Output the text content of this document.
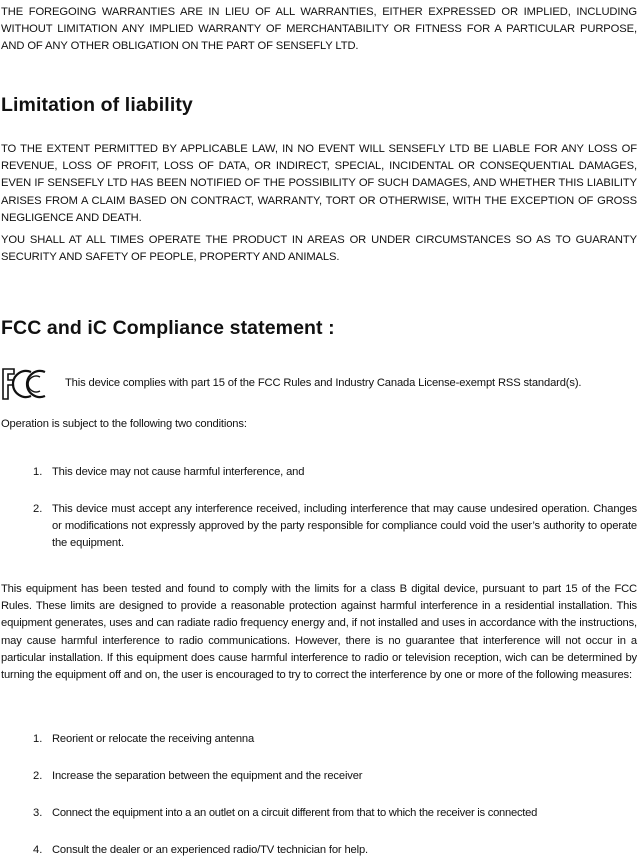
THE FOREGOING WARRANTIES ARE IN LIEU OF ALL WARRANTIES, EITHER EXPRESSED OR IMPLIED, INCLUDING WITHOUT LIMITATION ANY IMPLIED WARRANTY OF MERCHANTABILITY OR FITNESS FOR A PARTICULAR PURPOSE, AND OF ANY OTHER OBLIGATION ON THE PART OF SENSEFLY LTD.

Limitation of liability

TO THE EXTENT PERMITTED BY APPLICABLE LAW, IN NO EVENT WILL SENSEFLY LTD BE LIABLE FOR ANY LOSS OF REVENUE, LOSS OF PROFIT, LOSS OF DATA, OR INDIRECT, SPECIAL, INCIDENTAL OR CONSEQUENTIAL DAMAGES, EVEN IF SENSEFLY LTD HAS BEEN NOTIFIED OF THE POSSIBILITY OF SUCH DAMAGES, AND WHETHER THIS LIABILITY ARISES FROM A CLAIM BASED ON CONTRACT, WARRANTY, TORT OR OTHERWISE, WITH THE EXCEPTION OF GROSS NEGLIGENCE AND DEATH.

YOU SHALL AT ALL TIMES OPERATE THE PRODUCT IN AREAS OR UNDER CIRCUMSTANCES SO AS TO GUARANTY SECURITY AND SAFETY OF PEOPLE, PROPERTY AND ANIMALS.

FCC and iC Compliance statement :
This device complies with part 15 of the FCC Rules and Industry Canada License-exempt RSS standard(s).

Operation is subject to the following two conditions:

1. This device may not cause harmful interference, and
2. This device must accept any interference received, including interference that may cause undesired operation. Changes or modifications not expressly approved by the party responsible for compliance could void the user’s authority to operate the equipment.

This equipment has been tested and found to comply with the limits for a class B digital device, pursuant to part 15 of the FCC Rules. These limits are designed to provide a reasonable protection against harmful interference in a residential installation. This equipment generates, uses and can radiate radio frequency energy and, if not installed and uses in accordance with the instructions, may cause harmful interference to radio communications. However, there is no guarantee that interference will not occur in a particular installation. If this equipment does cause harmful interference to radio or television reception, wich can be determined by turning the equipment off and on, the user is encouraged to try to correct the interference by one or more of the following measures:

1. Reorient or relocate the receiving antenna
2. Increase the separation between the equipment and the receiver
3. Connect the equipment into a an outlet on a circuit different from that to which the receiver is connected
4. Consult the dealer or an experienced radio/TV technician for help.
